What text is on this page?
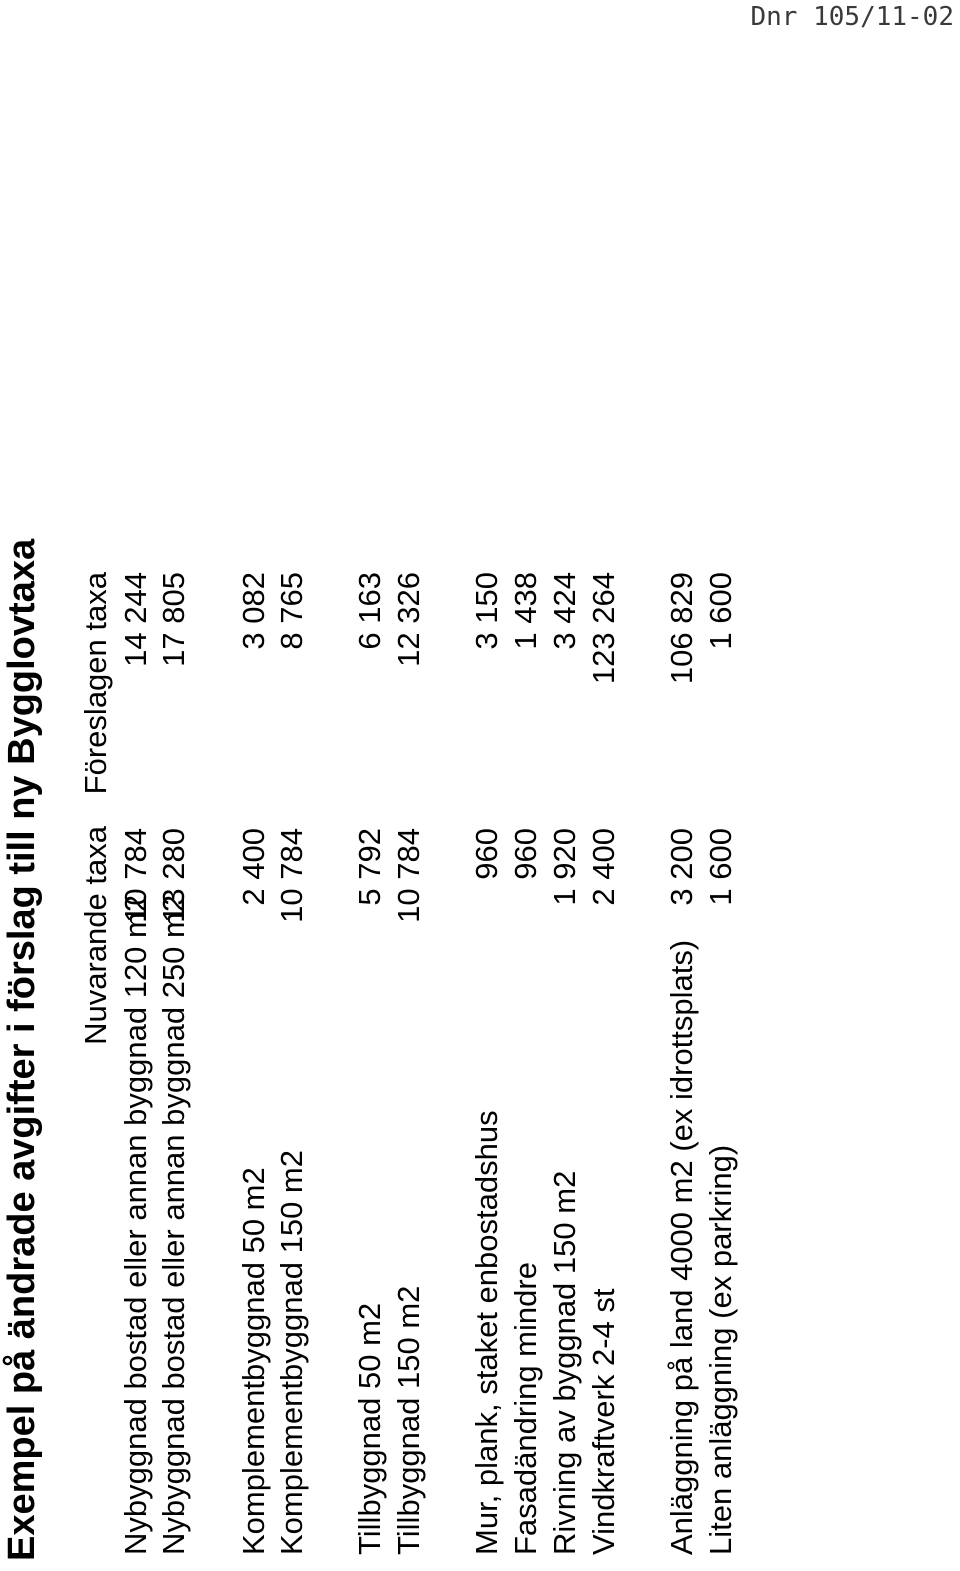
Dnr 105/11-02
Exempel på ändrade avgifter i förslag till ny Bygglovtaxa Nuvarande taxa
Föreslagen taxa
Nybyggnad bostad eller annan byggnad 120 m2
10 784
14 244
Nybyggnad bostad eller annan byggnad 250 m2
13 280
17 805
Komplementbyggnad 50 m2
2 400
3 082
Komplementbyggnad 150 m2
10 784
8 765
Tillbyggnad 50 m2
5 792
6 163
Tillbyggnad 150 m2
10 784
12 326
Mur, plank, staket enbostadshus
960
3 150
Fasadändring mindre
960
1 438
Rivning av byggnad 150 m2
1 920
3 424
Vindkraftverk 2-4 st
2 400
123 264
Anläggning på land 4000 m2 (ex idrottsplats)
3 200
106 829
Liten anläggning (ex parkring)
1 600
1 600
